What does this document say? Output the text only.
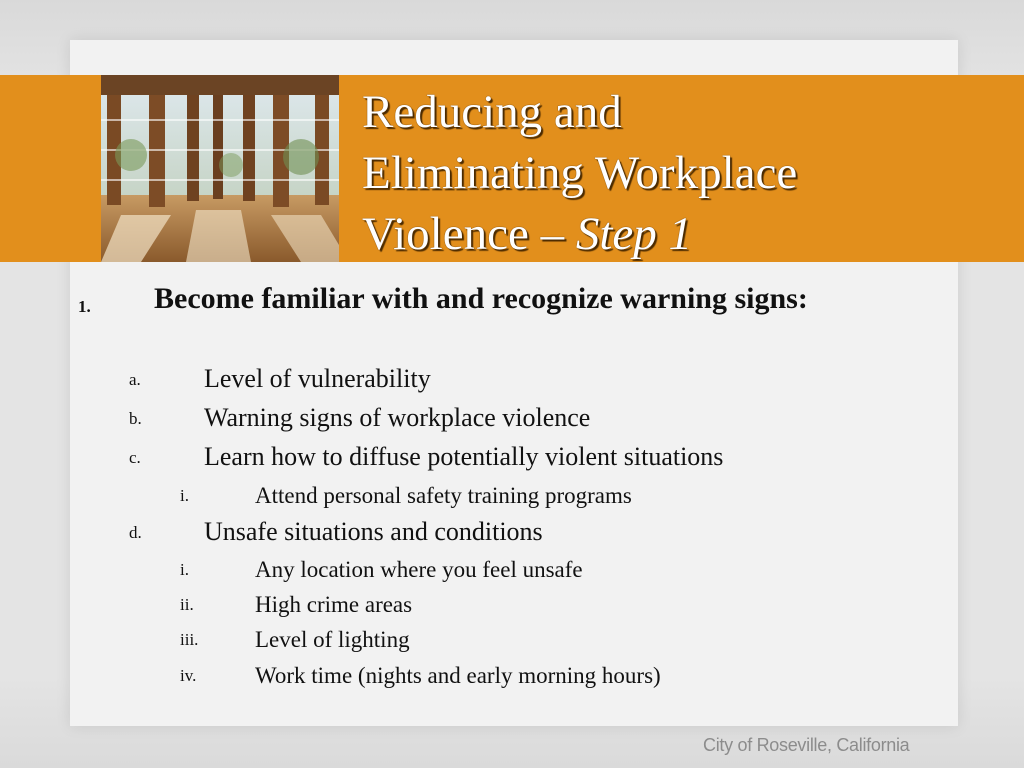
Reducing and
Eliminating Workplace
Violence – Step 1
1. Become familiar with and recognize warning signs:
a. Level of vulnerability
b. Warning signs of workplace violence
c. Learn how to diffuse potentially violent situations
i.	Attend personal safety training programs
d. Unsafe situations and conditions
i.	Any location where you feel unsafe
ii.	High crime areas
iii. Level of lighting
iv.	Work time (nights and early morning hours)
City of Roseville, California
